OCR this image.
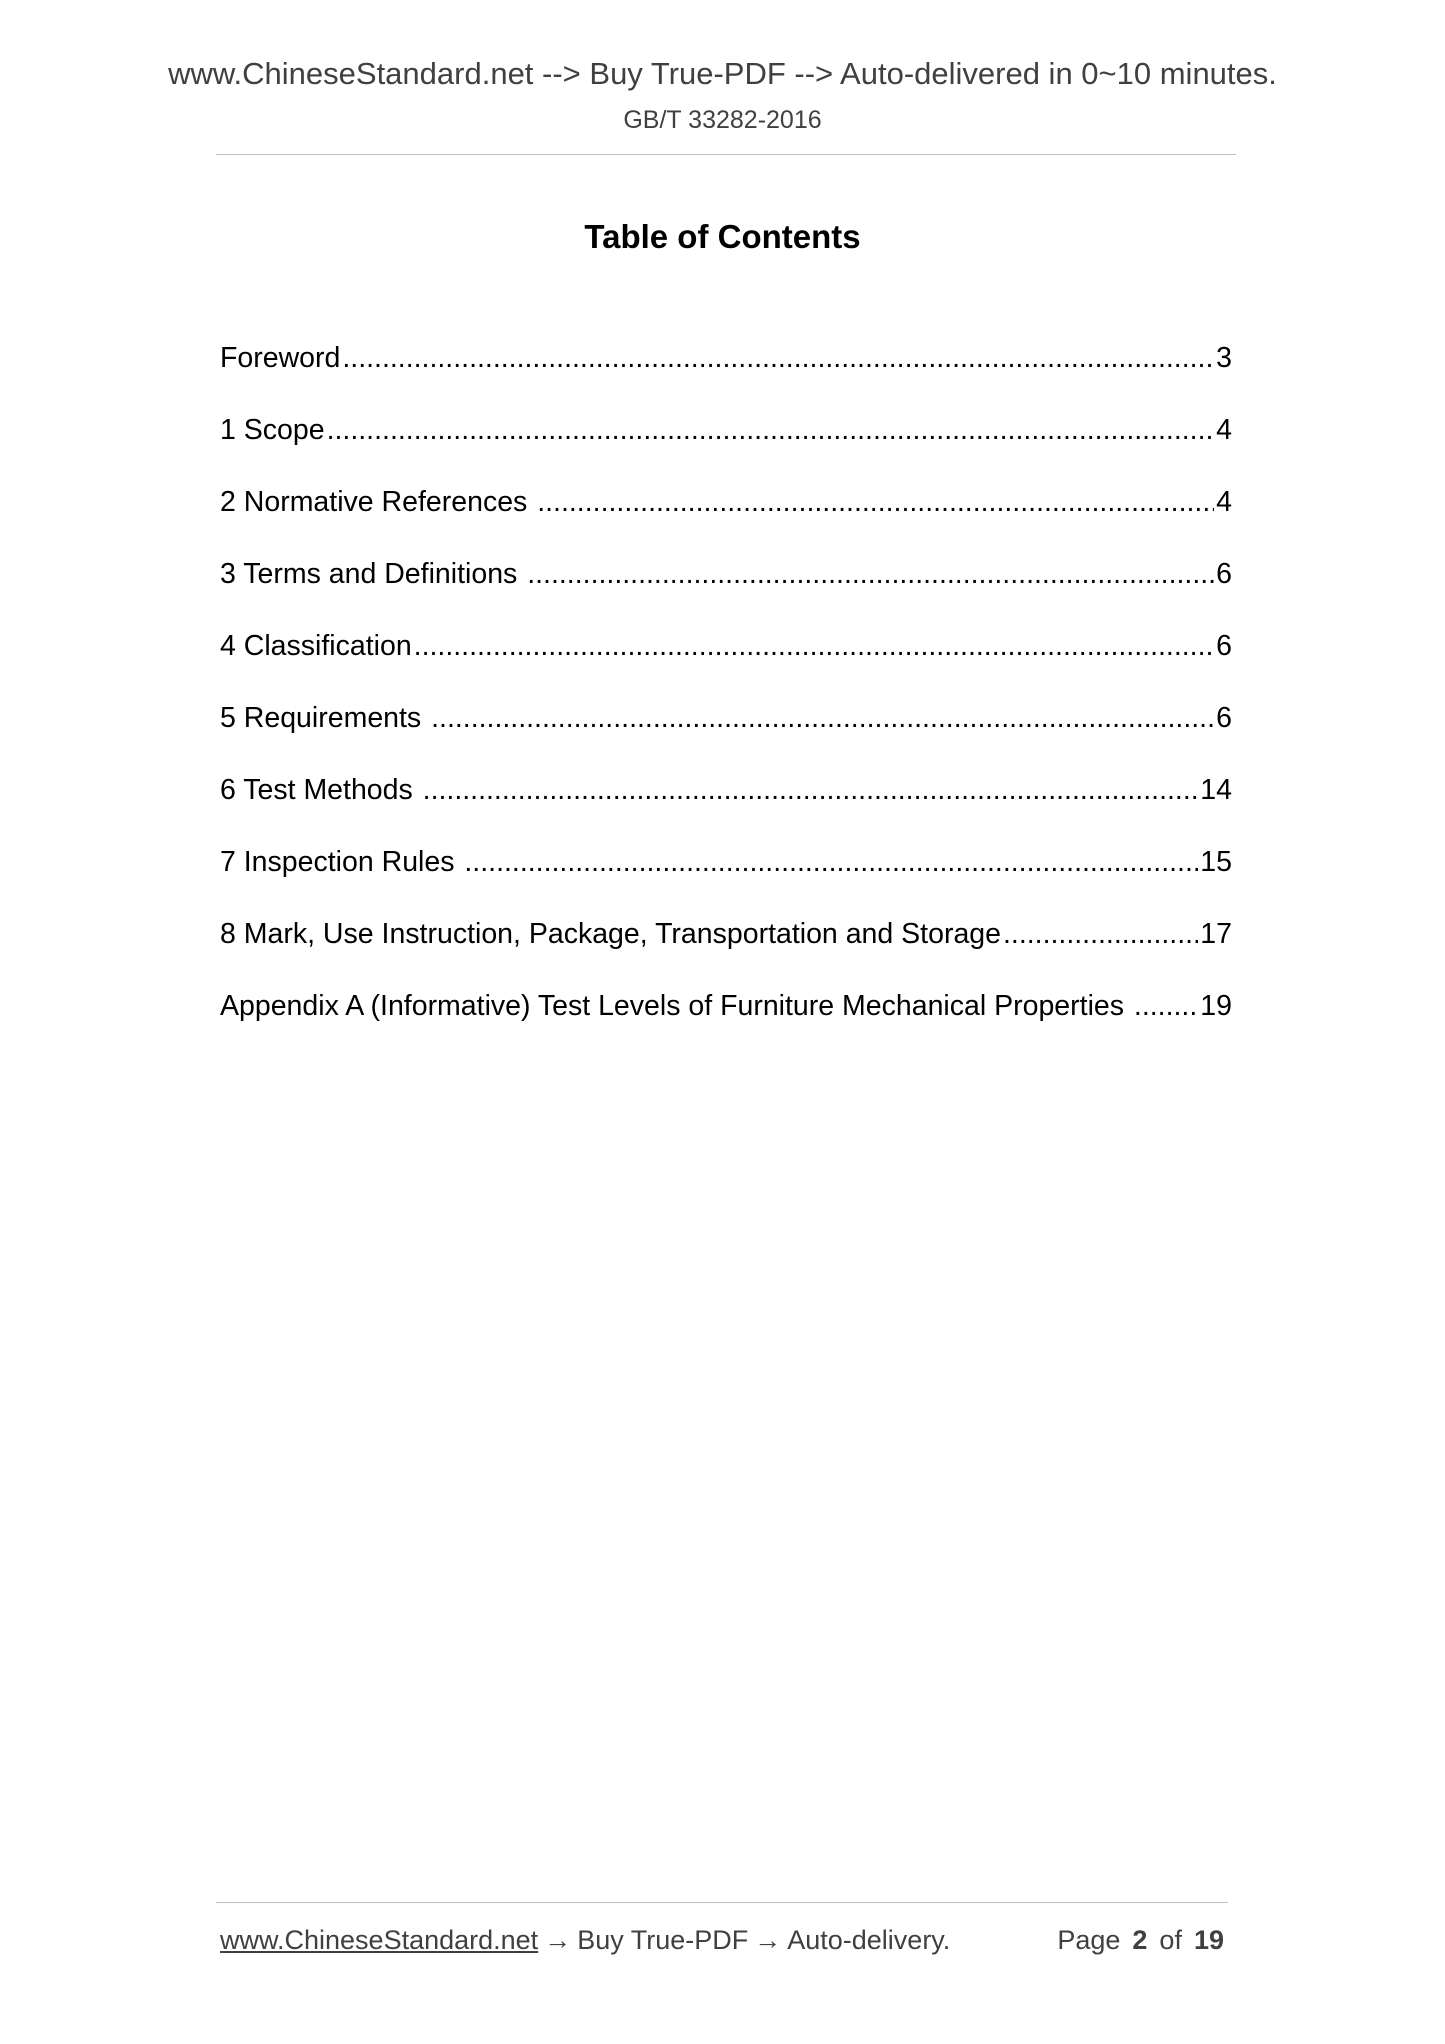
www.ChineseStandard.net --> Buy True-PDF --> Auto-delivered in 0~10 minutes.
GB/T 33282-2016
Table of Contents
Foreword .....	3
1 Scope .....	4
2 Normative References .....	4
3 Terms and Definitions .....	6
4 Classification .....	6
5 Requirements .....	6
6 Test Methods .....	14
7 Inspection Rules .....	15
8 Mark, Use Instruction, Package, Transportation and Storage .....	17
Appendix A (Informative) Test Levels of Furniture Mechanical Properties ..... 19
www.ChineseStandard.net → Buy True-PDF → Auto-delivery.	Page 2 of 19
